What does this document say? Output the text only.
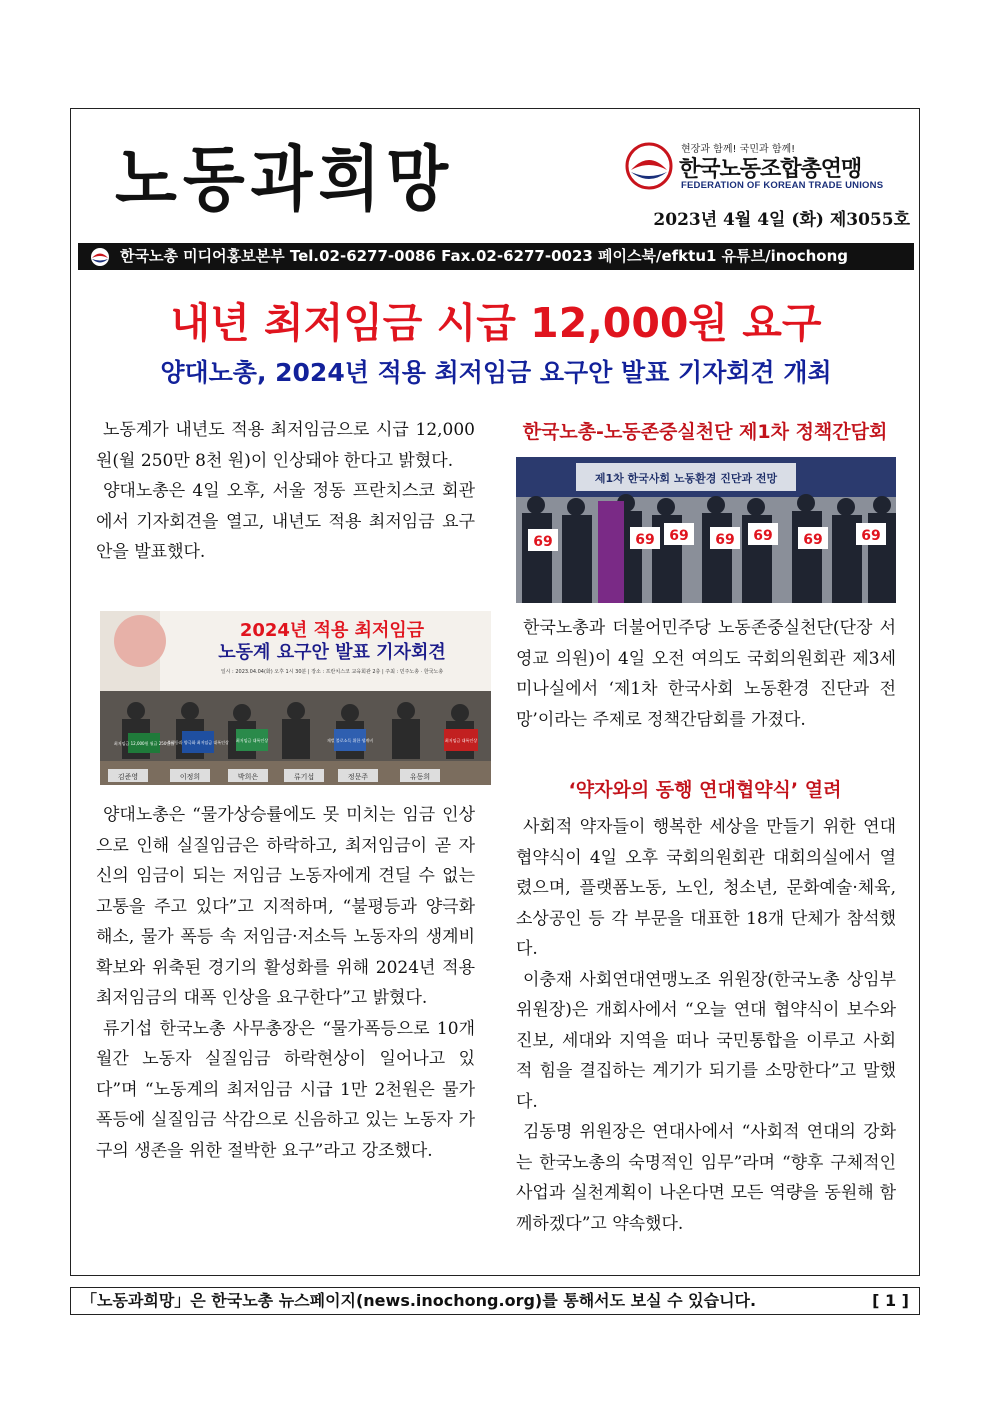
노동과희망	현장과 함께! 국민과 함께!
한국노동조합총연맹
FEDERATION OF KOREAN TRADE UNIONS
2023년 4월 4일 (화) 제3055호
한국노총 미디어홍보본부 Tel.02-6277-0086 Fax.02-6277-0023 페이스북/efktu1 유튜브/inochong
내년 최저임금 시급 12,000원 요구
양대노총, 2024년 적용 최저임금 요구안 발표 기자회견 개최

노동계가 내년도 적용 최저임금으로 시급 12,000원(월 250만 8천 원)이 인상돼야 한다고 밝혔다.

양대노총은 4일 오후, 서울 정동 프란치스코 회관에서 기자회견을 열고, 내년도 적용 최저임금 요구안을 발표했다.

2024년 적용 최저임금
노동계 요구안 발표 기자회견
일시 : 2023.04.04(화) 오후 1시 30분 | 장소 : 프란치스코 교육회관 2층 | 주최 : 민주노총 · 한국노총
최저임금 12,000원 월급 250만원
불평등과 양극화 최저임금 대폭인상 최저임금 대폭인상	재벌 불로소득 위한 생계비	최저임금 대폭인상
김준영	이정희	박희은	류기섭	정문주	유동희

양대노총은 “물가상승률에도 못 미치는 임금 인상으로 인해 실질임금은 하락하고, 최저임금이 곧 자신의 임금이 되는 저임금 노동자에게 견딜 수 없는 고통을 주고 있다”고 지적하며, “불평등과 양극화 해소, 물가 폭등 속 저임금·저소득 노동자의 생계비 확보와 위축된 경기의 활성화를 위해 2024년 적용 최저임금의 대폭 인상을 요구한다”고 밝혔다.

류기섭 한국노총 사무총장은 “물가폭등으로 10개월간 노동자 실질임금 하락현상이 일어나고 있다”며 “노동계의 최저임금 시급 1만 2천원은 물가폭등에 실질임금 삭감으로 신음하고 있는 노동자 가구의 생존을 위한 절박한 요구”라고 강조했다.

한국노총-노동존중실천단 제1차 정책간담회
제1차 한국사회 노동환경 진단과 전망
69	69 69 69 69 69	69

한국노총과 더불어민주당 노동존중실천단(단장 서영교 의원)이 4일 오전 여의도 국회의원회관 제3세미나실에서 ‘제1차 한국사회 노동환경 진단과 전망’이라는 주제로 정책간담회를 가졌다.

‘약자와의 동행 연대협약식’ 열려

사회적 약자들이 행복한 세상을 만들기 위한 연대협약식이 4일 오후 국회의원회관 대회의실에서 열렸으며, 플랫폼노동, 노인, 청소년, 문화예술·체육, 소상공인 등 각 부문을 대표한 18개 단체가 참석했다.

이충재 사회연대연맹노조 위원장(한국노총 상임부위원장)은 개회사에서 “오늘 연대 협약식이 보수와 진보, 세대와 지역을 떠나 국민통합을 이루고 사회적 힘을 결집하는 계기가 되기를 소망한다”고 말했다.

김동명 위원장은 연대사에서 “사회적 연대의 강화는 한국노총의 숙명적인 임무”라며 “향후 구체적인 사업과 실천계획이 나온다면 모든 역량을 동원해 함께하겠다”고 약속했다.

「노동과희망」은 한국노총 뉴스페이지(news.inochong.org)를 통해서도 보실 수 있습니다.	[ 1 ]
